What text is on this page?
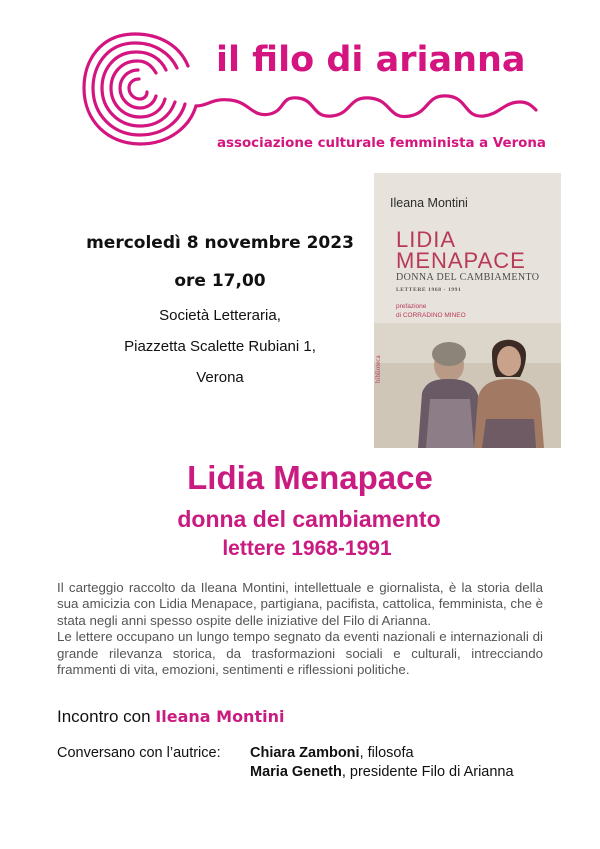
il filo di arianna
associazione culturale femminista a Verona
mercoledì 8 novembre 2023
ore 17,00
Società Letteraria,
Piazzetta Scalette Rubiani 1,
Verona
Ileana Montini
LIDIA
MENAPACE
DONNA DEL CAMBIAMENTO
LETTERE 1968 - 1991
prefazione
di CORRADINO MINEO
biblioteca
Lidia Menapace
donna del cambiamento
lettere 1968-1991

Il carteggio raccolto da Ileana Montini, intellettuale e giornalista, è la storia della sua amicizia con Lidia Menapace, partigiana, pacifista, cattolica, femminista, che è stata negli anni spesso ospite delle iniziative del Filo di Arianna.

Le lettere occupano un lungo tempo segnato da eventi nazionali e internazionali di grande rilevanza storica, da trasformazioni sociali e culturali, intrecciando frammenti di vita, emozioni, sentimenti e riflessioni politiche.

Incontro con Ileana Montini
Conversano con l’autrice: Chiara Zamboni, filosofa
Maria Geneth, presidente Filo di Arianna
